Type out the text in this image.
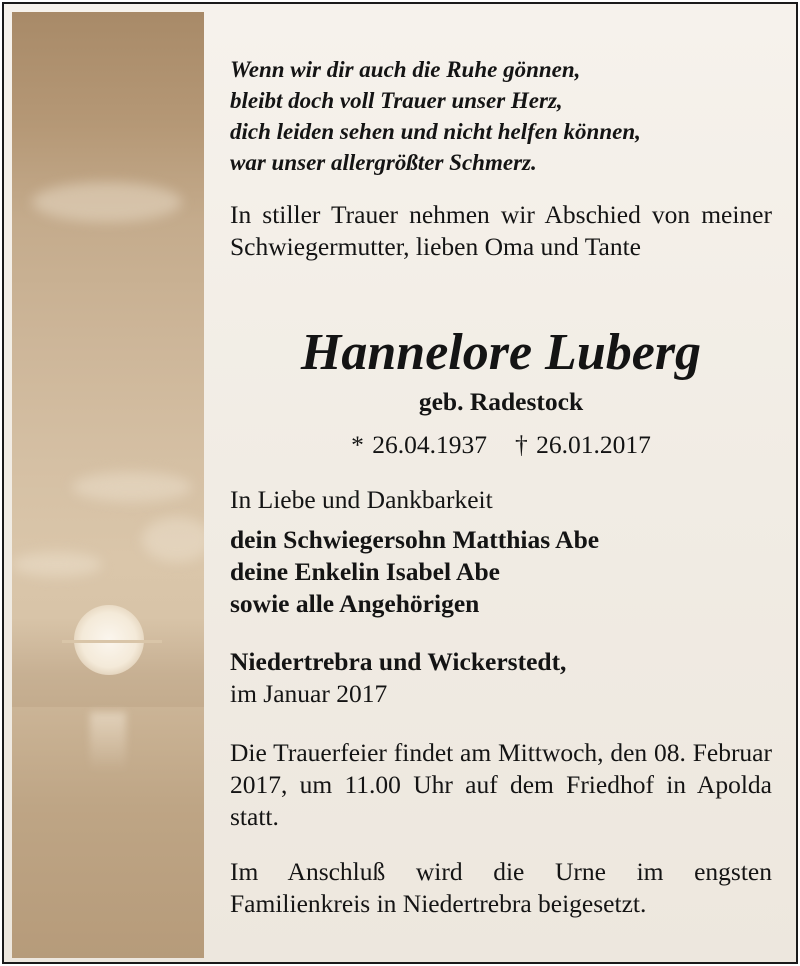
Wenn wir dir auch die Ruhe gönnen,
bleibt doch voll Trauer unser Herz,
dich leiden sehen und nicht helfen können,
war unser allergrößter Schmerz.
In stiller Trauer nehmen wir Abschied von meiner Schwiegermutter, lieben Oma und Tante
Hannelore Luberg
geb. Radestock
* 26.04.1937 † 26.01.2017
In Liebe und Dankbarkeit
dein Schwiegersohn Matthias Abe
deine Enkelin Isabel Abe
sowie alle Angehörigen
Niedertrebra und Wickerstedt,
im Januar 2017
Die Trauerfeier findet am Mittwoch, den 08. Februar 2017, um 11.00 Uhr auf dem Friedhof in Apolda statt.
Im Anschluß wird die Urne im engsten Familienkreis in Niedertrebra beigesetzt.
